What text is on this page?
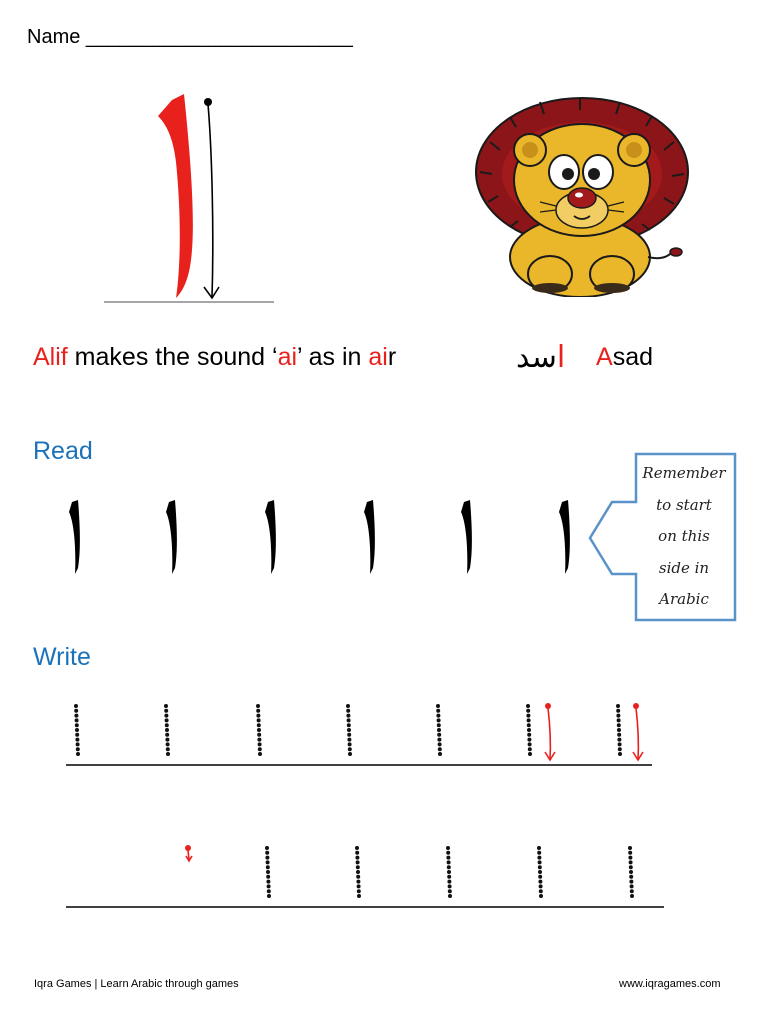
Name ________________________
Alif makes the sound ‘ai’ as in air	اسد	Asad
Read
Remember
to start
on this
side in
Arabic
Write
Iqra Games | Learn Arabic through games	www.iqragames.com
